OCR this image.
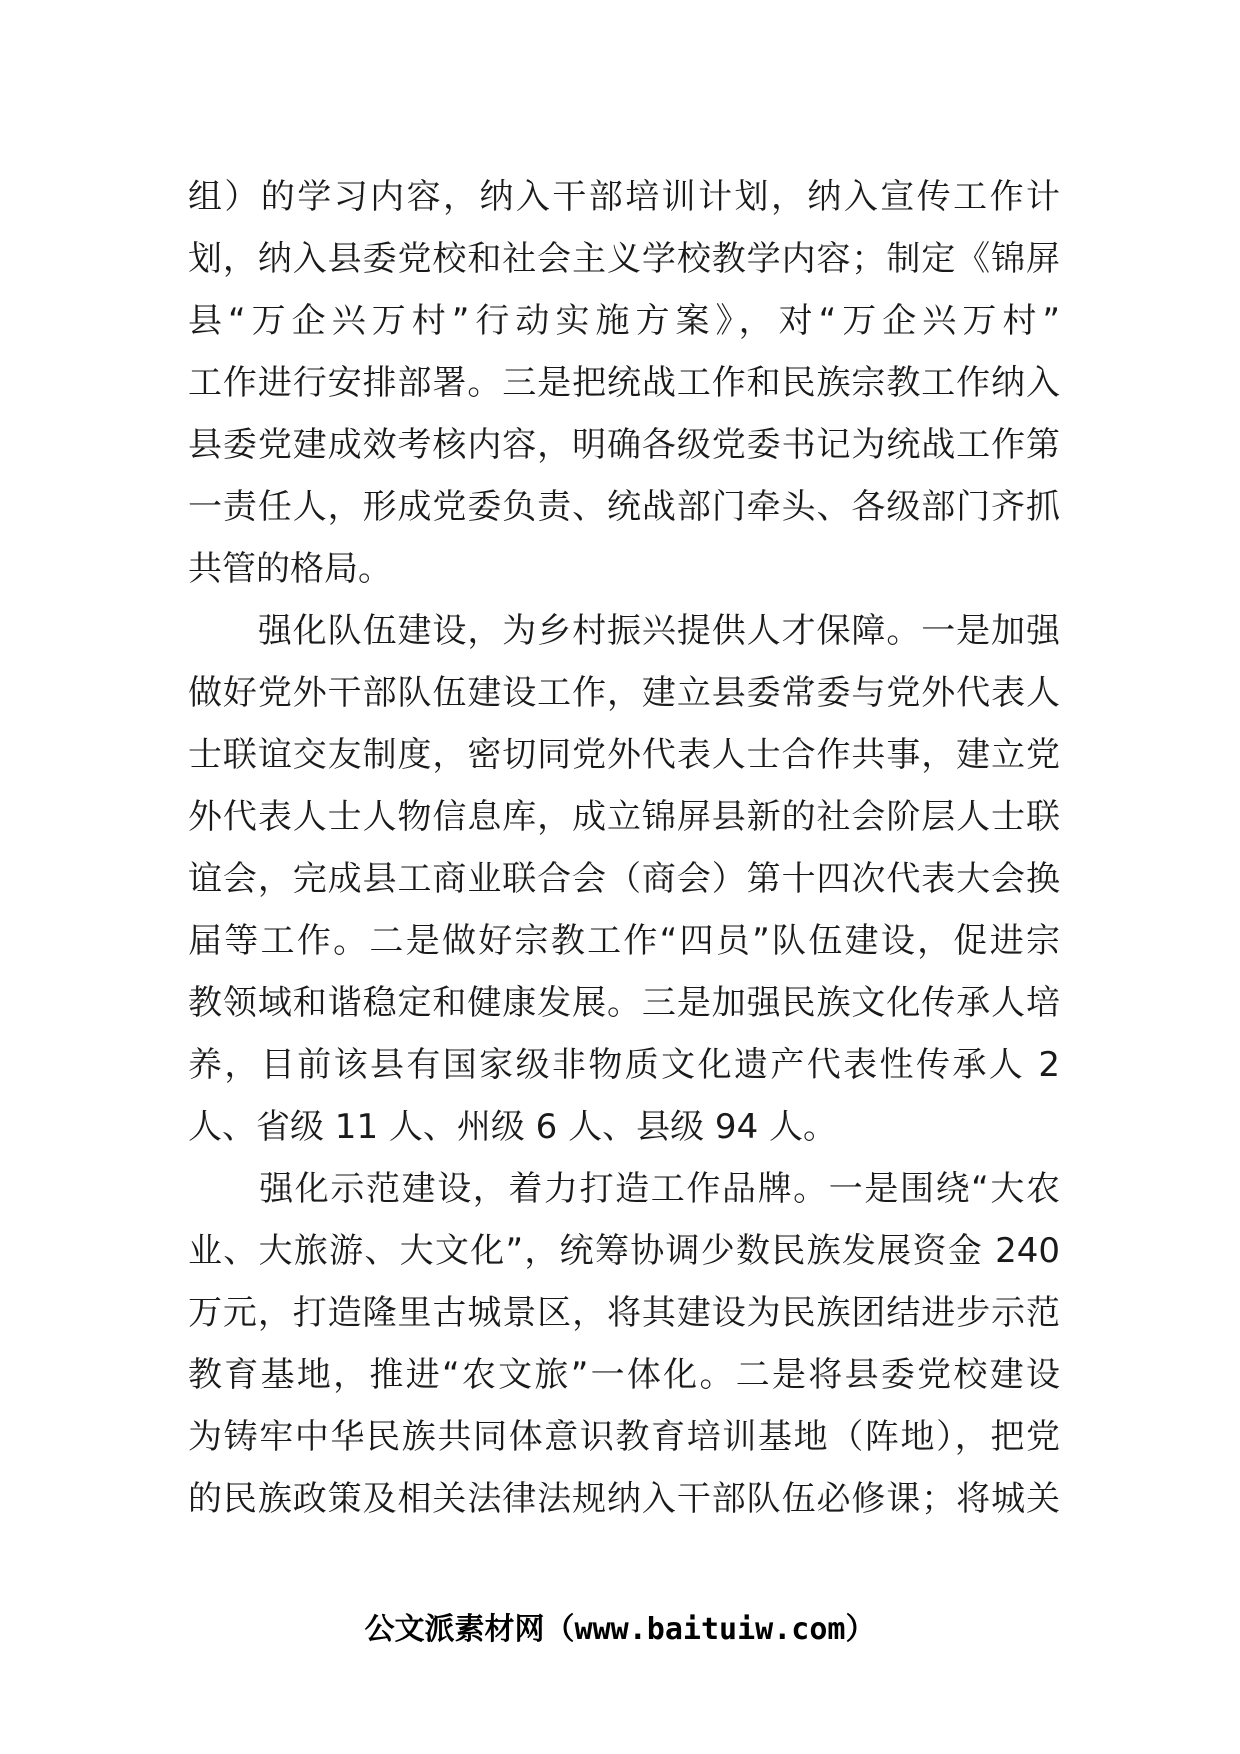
组）的学习内容，纳入干部培训计划，纳入宣传工作计
划，纳入县委党校和社会主义学校教学内容；制定《锦屏
县“万企兴万村”行动实施方案》，对“万企兴万村”
工作进行安排部署。三是把统战工作和民族宗教工作纳入
县委党建成效考核内容，明确各级党委书记为统战工作第
一责任人，形成党委负责、统战部门牵头、各级部门齐抓
共管的格局。
　　强化队伍建设，为乡村振兴提供人才保障。一是加强
做好党外干部队伍建设工作，建立县委常委与党外代表人
士联谊交友制度，密切同党外代表人士合作共事，建立党
外代表人士人物信息库，成立锦屏县新的社会阶层人士联
谊会，完成县工商业联合会（商会）第十四次代表大会换
届等工作。二是做好宗教工作“四员”队伍建设，促进宗
教领域和谐稳定和健康发展。三是加强民族文化传承人培
养，目前该县有国家级非物质文化遗产代表性传承人 2
人、省级 11 人、州级 6 人、县级 94 人。
　　强化示范建设，着力打造工作品牌。一是围绕“大农
业、大旅游、大文化”，统筹协调少数民族发展资金 240
万元，打造隆里古城景区，将其建设为民族团结进步示范
教育基地，推进“农文旅”一体化。二是将县委党校建设
为铸牢中华民族共同体意识教育培训基地（阵地），把党
的民族政策及相关法律法规纳入干部队伍必修课；将城关
公文派素材网（www.baituiw.com）
